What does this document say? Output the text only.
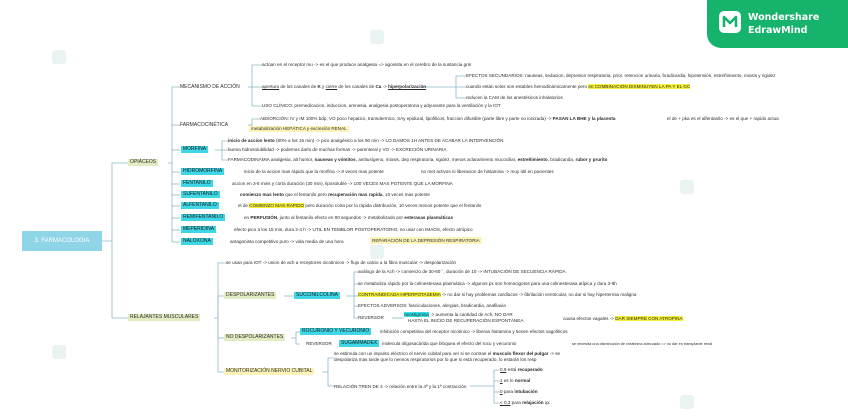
Wondershare
EdrawMind
3. FARMACOLOGIA
OPIÁCEOS
MECANISMO DE ACCIÓN
actúan en el receptor mu -> es el que produce analgesia => agonista en el cerebro de la sustancia gris
apertura de los canales de K y cierre de los canales de Ca -> hiperpolarización
EFECTOS SECUNDARIOS: nauseas, sedacion, depresion respiratoria, prior, retencion urinaria, bradicardia, hipotensión, estreñimiento, miosis y rigidez
cuando están solos son estables hemodinámicamente pero en COMBINACIÓN DISMINUYEN LA PA Y EL GC
reducen la CAM de los anestésicos inhalatorios
USO CLÍNICO: premedicacion, induccion, amnesia, analgesia postoperatoria y adyuvante para la ventilación y la IOT
FARMACOCINÉTICA
ABSORCIÓN: IV y IM 100% bdp, VO poco hepatico, transdermico, SAy epidural, lipofilicos, fraccion difusible (parte libre y parte no ionizada) -> PASAN LA BHE y la placenta	el de + pka es el alfentanilo -> es el que + rapido actua
metabolización HEPÁTICA y excreción RENAL
MORFINA
inicio de accion lento (80% a los 15 min) -> pico analgésico a los 90 min -> LO DAMOS 1H ANTES DE ACABAR LA INTERVENCIÓN
buena hidrosolubilidad -> podemos darlo de muchas formas -> parenteral y VO -> EXCRECIÓN URINARIA
FARMACODINAMIA analgesia, alt humor, nauseas y vómitos, antitusígeno, miosis, dep respiratoria, rigidez, menos aclaramiento mucociliar, estreñimiento, bradicardia, rubor y prurito
HIDROMORFINA	inicio de la accion mas rápido que la morfina -> 8 veces mas potente	no met activos ni liberacion de histamina -> muy útil en pacientes
FENTANILO	accion en 3-5 mins y corta duración (30 min), liposoluble -> 100 VECES MAS POTENTE QUE LA MORFINA
SUFENTANILO	comienzo mas lento que el fentanilo pero recuperación mas rapida, 10 veces mas potente
ALFENTANILO	el de COMIENZO MAS RAPIDO pero duración corta por la rápida distribución, 10 veces menos potente que el fentanilo
REMIFENTANILO	en PERFUSIÓN, junto al fentanilo efecto en 90 segundos -> metabolizado por esterasas plasmáticas
MEPERIDINA	efecto pico a los 15 min, dura 2-4 h -> UTIL EN TEMBLOR POSTOPERATORIO, no usar con IMAOS, efecto atrópico
NALOXONA	antagonista competitivo puro -> vida media de una hora	REPARACIÓN DE LA DEPRESIÓN RESPIRATORIA
RELAJANTES MUSCULARES
se usan para IOT -> union de ach a receptores nicotinicos -> flujo de calcio a la fibra muscular -> despolarización
DESPOLARIZANTES	SUCCINILCOLINA
análogo de la Ach -> comienzo de 30-60´´, duración de 10´-> INTUBACIÓN DE SECUENCIA RÁPIDA
se metaboliza rápido por la colinesterasa plasmática -> algunos px son homocigotos para una colinesterasa atípica y dura 3-8h
CONTRAINDICADA HIPERPOTASEMIA -> no dar si hay problemas cardíacos -> fibrilación ventricular, no dar si hay hipertermia maligna
EFECTOS ADVERSOS: fasciculaciones, alergias, bradicardia, anafilaxia
REVERSOR
neostigmina -> aumenta la cantidad de Ach, NO DAR
HASTA EL INICIO DE RECUPERACIÓN ESPONTÁNEA	causa efectos vagales -> DAR SIEMPRE CON ATROPINA
NO DESPOLARIZANTES
ROCURONIO Y VECURONIO	inhibición competitiva del receptor nicotinico -> liberan histamina y tienen efectos vagolíticos
REVERSOR	SUGAMMADEX	molecula oligosacárida que bloquea el efecto del rocu y vecuronio	se necesita una disminución de creatinina adecuado => no dar en transplante renal
MONITORIZACIÓN NERVIO CUBITAL
se estimula con un impulso eléctrico el nervio cubital para ver si se contrae el musculo flexor del pulgar -> se
despolariza mas tarde que lo nervios respiratorios por lo que si está recuperado, lo estarán los resp
RELACIÓN TREN DE 4 -> relación entre la 4ª y la 1ª contracción
0,9 está recuperado
1 es lo normal
0 para intubación
< 0,3 para relajación qx
